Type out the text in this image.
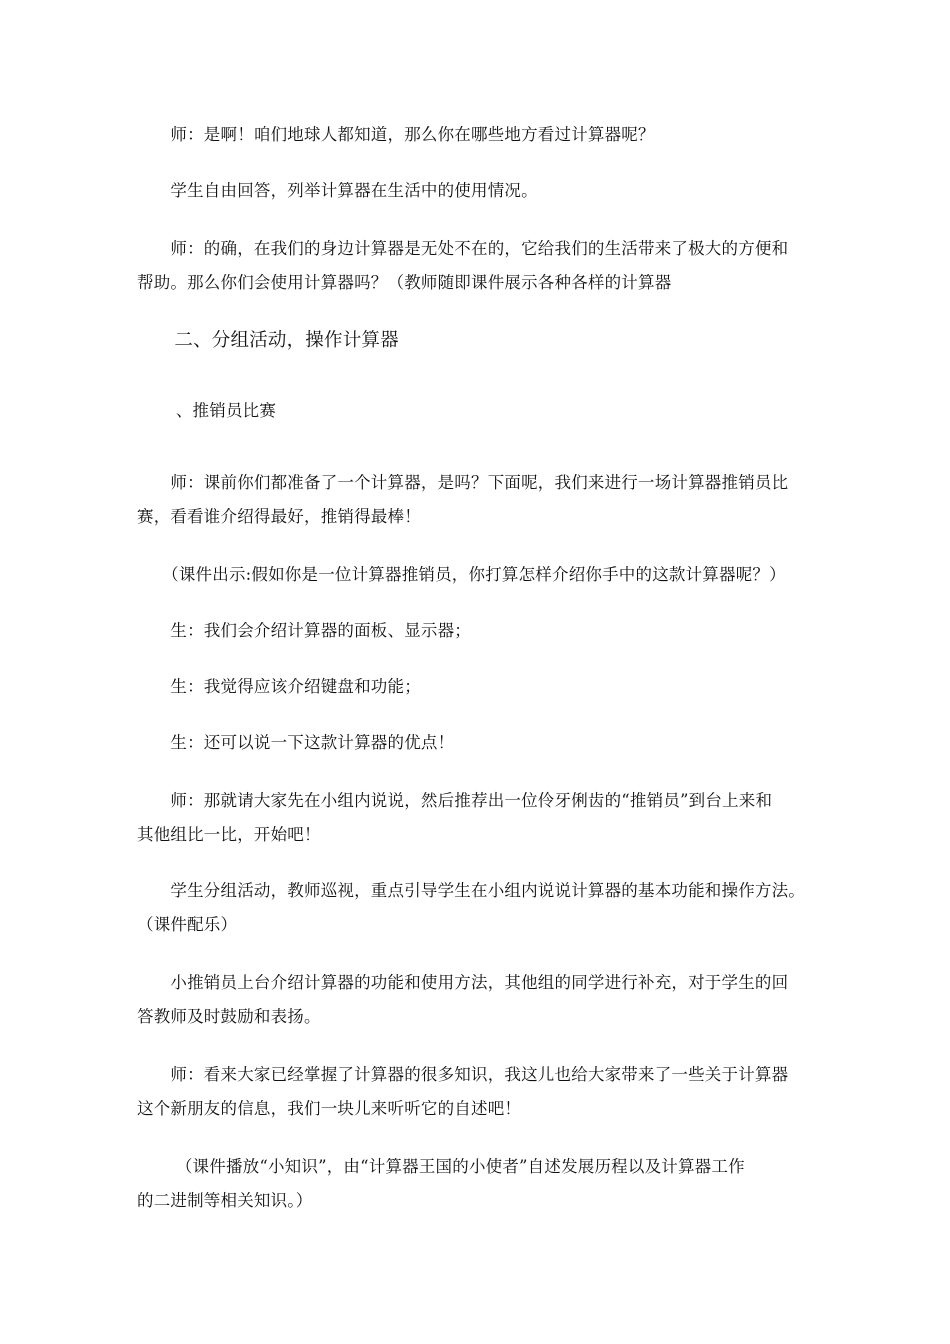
　　师：是啊！咱们地球人都知道，那么你在哪些地方看过计算器呢？
　　学生自由回答，列举计算器在生活中的使用情况。
　　师：的确，在我们的身边计算器是无处不在的，它给我们的生活带来了极大的方便和
帮助。那么你们会使用计算器吗？（教师随即课件展示各种各样的计算器
　　二、分组活动，操作计算器
　　 、推销员比赛
　　师：课前你们都准备了一个计算器，是吗？下面呢，我们来进行一场计算器推销员比
赛，看看谁介绍得最好，推销得最棒！
　　（课件出示:假如你是一位计算器推销员，你打算怎样介绍你手中的这款计算器呢？）
　　生：我们会介绍计算器的面板、显示器；
　　生：我觉得应该介绍键盘和功能；
　　生：还可以说一下这款计算器的优点！
　　师：那就请大家先在小组内说说，然后推荐出一位伶牙俐齿的“推销员”到台上来和
其他组比一比，开始吧！
　　学生分组活动，教师巡视，重点引导学生在小组内说说计算器的基本功能和操作方法。
（课件配乐）
　　小推销员上台介绍计算器的功能和使用方法，其他组的同学进行补充，对于学生的回
答教师及时鼓励和表扬。
　　师：看来大家已经掌握了计算器的很多知识，我这儿也给大家带来了一些关于计算器
这个新朋友的信息，我们一块儿来听听它的自述吧！
　　 （课件播放“小知识”，由“计算器王国的小使者”自述发展历程以及计算器工作
的二进制等相关知识。）
